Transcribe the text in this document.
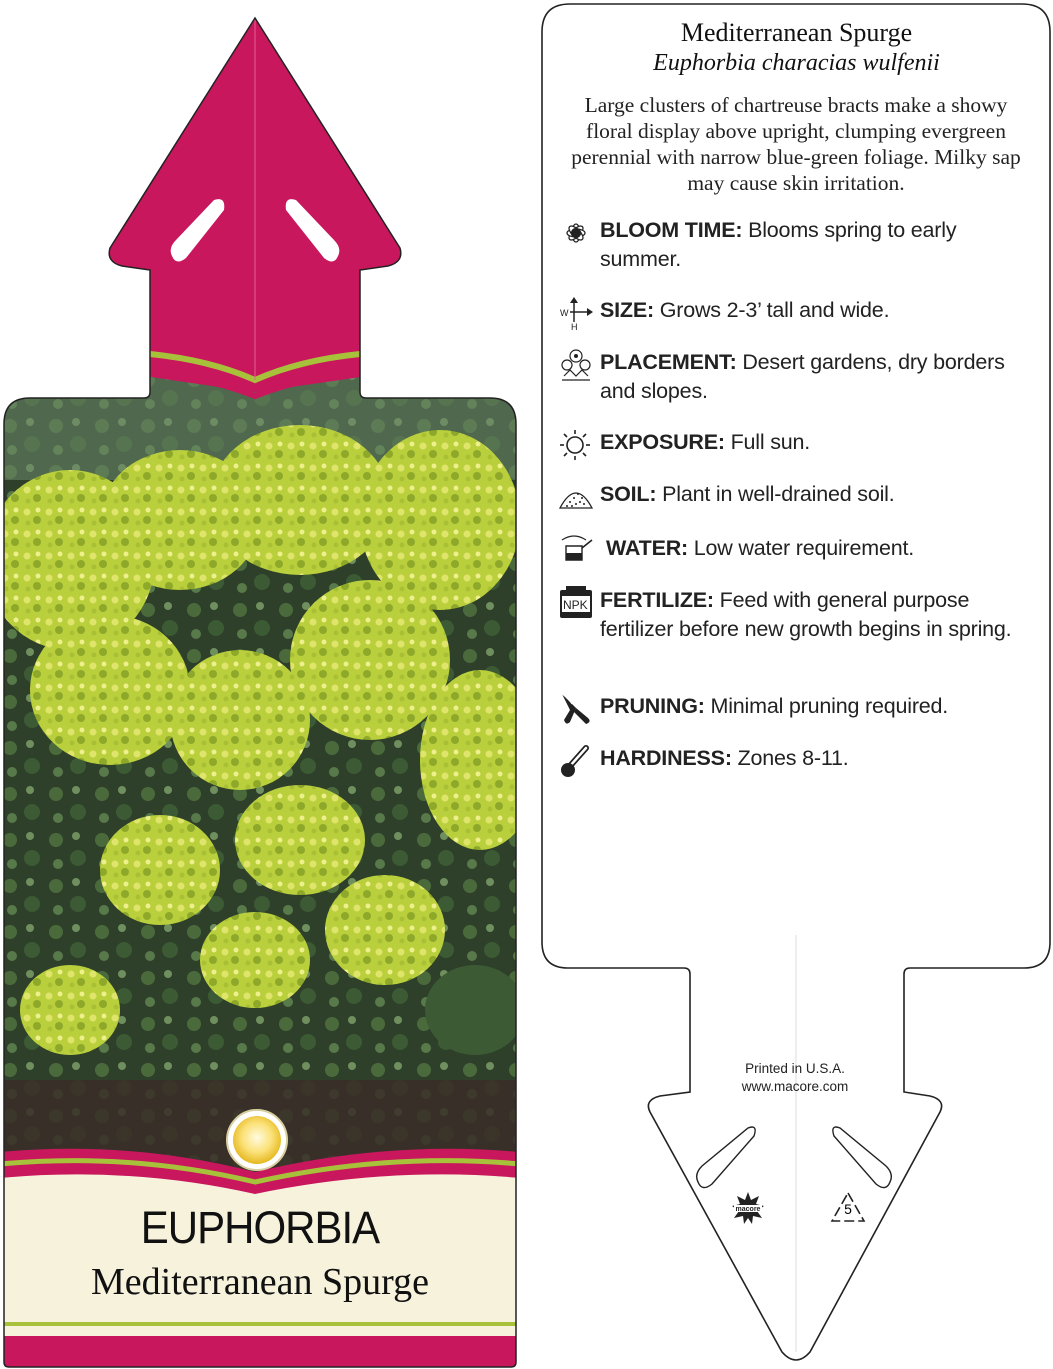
EUPHORBIA
Mediterranean Spurge
Mediterranean Spurge
Euphorbia characias wulfenii
Large clusters of chartreuse bracts make a showy floral display above upright, clumping evergreen perennial with narrow blue-green foliage. Milky sap may cause skin irritation.
BLOOM TIME: Blooms spring to early summer.
W
H
SIZE: Grows 2-3’ tall and wide.
PLACEMENT: Desert gardens, dry borders and slopes.
EXPOSURE: Full sun.
SOIL: Plant in well-drained soil.
WATER: Low water requirement.
NPK FERTILIZE: Feed with general purpose fertilizer before new growth begins in spring.
PRUNING: Minimal pruning required.
HARDINESS: Zones 8-11.
Printed in U.S.A.
www.macore.com
macore	5
